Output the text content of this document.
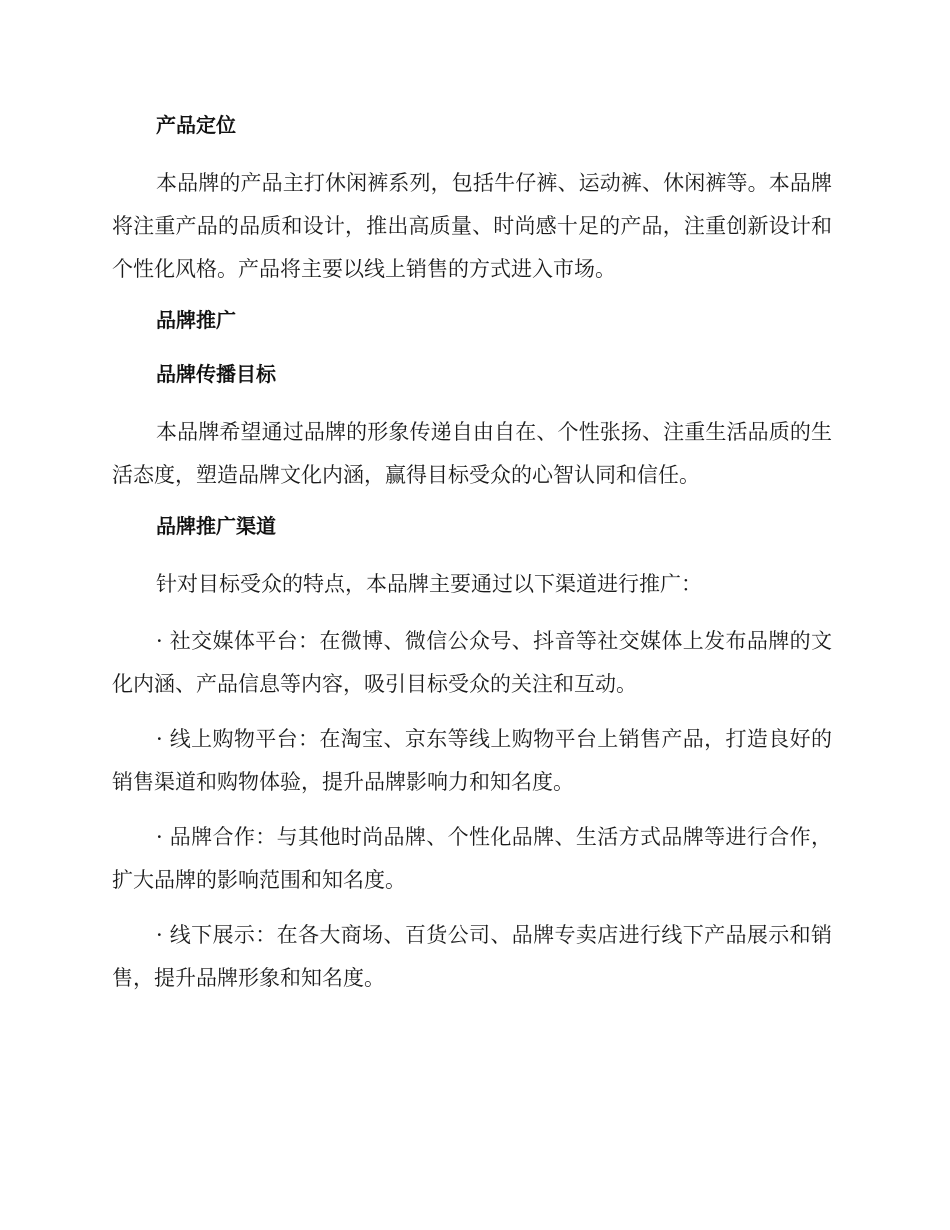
产品定位

本品牌的产品主打休闲裤系列，包括牛仔裤、运动裤、休闲裤等。本品牌将注重产品的品质和设计，推出高质量、时尚感十足的产品，注重创新设计和个性化风格。产品将主要以线上销售的方式进入市场。

品牌推广

品牌传播目标

本品牌希望通过品牌的形象传递自由自在、个性张扬、注重生活品质的生活态度，塑造品牌文化内涵，赢得目标受众的心智认同和信任。

品牌推广渠道

针对目标受众的特点，本品牌主要通过以下渠道进行推广：

· 社交媒体平台：在微博、微信公众号、抖音等社交媒体上发布品牌的文化内涵、产品信息等内容，吸引目标受众的关注和互动。

· 线上购物平台：在淘宝、京东等线上购物平台上销售产品，打造良好的销售渠道和购物体验，提升品牌影响力和知名度。

· 品牌合作：与其他时尚品牌、个性化品牌、生活方式品牌等进行合作，扩大品牌的影响范围和知名度。

· 线下展示：在各大商场、百货公司、品牌专卖店进行线下产品展示和销售，提升品牌形象和知名度。
